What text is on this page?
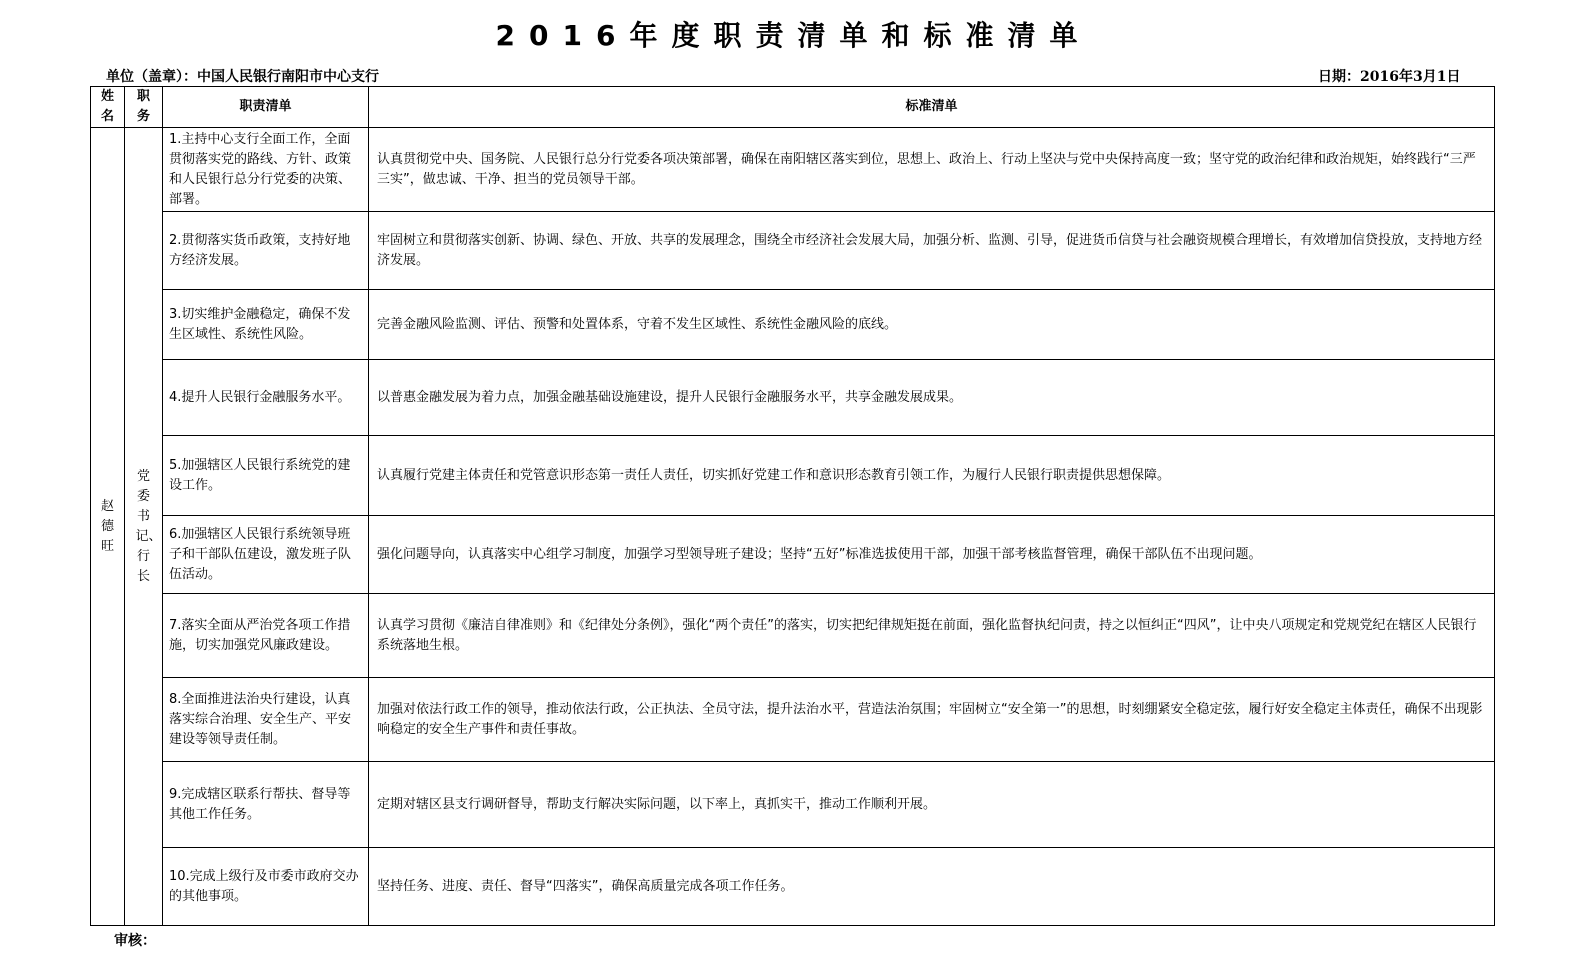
2016年度职责清单和标准清单
单位（盖章）：中国人民银行南阳市中心支行	日期：2016年3月1日
姓名	职务	职责清单	标准清单

赵德旺	党委书记、行长	1.主持中心支行全面工作，全面贯彻落实党的路线、方针、政策和人民银行总分行党委的决策、部署。	认真贯彻党中央、国务院、人民银行总分行党委各项决策部署，确保在南阳辖区落实到位，思想上、政治上、行动上坚决与党中央保持高度一致；坚守党的政治纪律和政治规矩，始终践行“三严三实”，做忠诚、干净、担当的党员领导干部。
		2.贯彻落实货币政策，支持好地方经济发展。	牢固树立和贯彻落实创新、协调、绿色、开放、共享的发展理念，围绕全市经济社会发展大局，加强分析、监测、引导，促进货币信贷与社会融资规模合理增长，有效增加信贷投放，支持地方经济发展。
		3.切实维护金融稳定，确保不发生区域性、系统性风险。	完善金融风险监测、评估、预警和处置体系，守着不发生区域性、系统性金融风险的底线。
		4.提升人民银行金融服务水平。	以普惠金融发展为着力点，加强金融基础设施建设，提升人民银行金融服务水平，共享金融发展成果。
		5.加强辖区人民银行系统党的建设工作。	认真履行党建主体责任和党管意识形态第一责任人责任，切实抓好党建工作和意识形态教育引领工作，为履行人民银行职责提供思想保障。
		6.加强辖区人民银行系统领导班子和干部队伍建设，激发班子队伍活动。	强化问题导向，认真落实中心组学习制度，加强学习型领导班子建设；坚持“五好”标准选拔使用干部，加强干部考核监督管理，确保干部队伍不出现问题。
		7.落实全面从严治党各项工作措施，切实加强党风廉政建设。	认真学习贯彻《廉洁自律准则》和《纪律处分条例》，强化“两个责任”的落实，切实把纪律规矩挺在前面，强化监督执纪问责，持之以恒纠正“四风”，让中央八项规定和党规党纪在辖区人民银行系统落地生根。
		8.全面推进法治央行建设，认真落实综合治理、安全生产、平安建设等领导责任制。	加强对依法行政工作的领导，推动依法行政，公正执法、全员守法，提升法治水平，营造法治氛围；牢固树立“安全第一”的思想，时刻绷紧安全稳定弦，履行好安全稳定主体责任，确保不出现影响稳定的安全生产事件和责任事故。
		9.完成辖区联系行帮扶、督导等其他工作任务。	定期对辖区县支行调研督导，帮助支行解决实际问题，以下率上，真抓实干，推动工作顺利开展。
		10.完成上级行及市委市政府交办的其他事项。	坚持任务、进度、责任、督导“四落实”，确保高质量完成各项工作任务。
审核：
